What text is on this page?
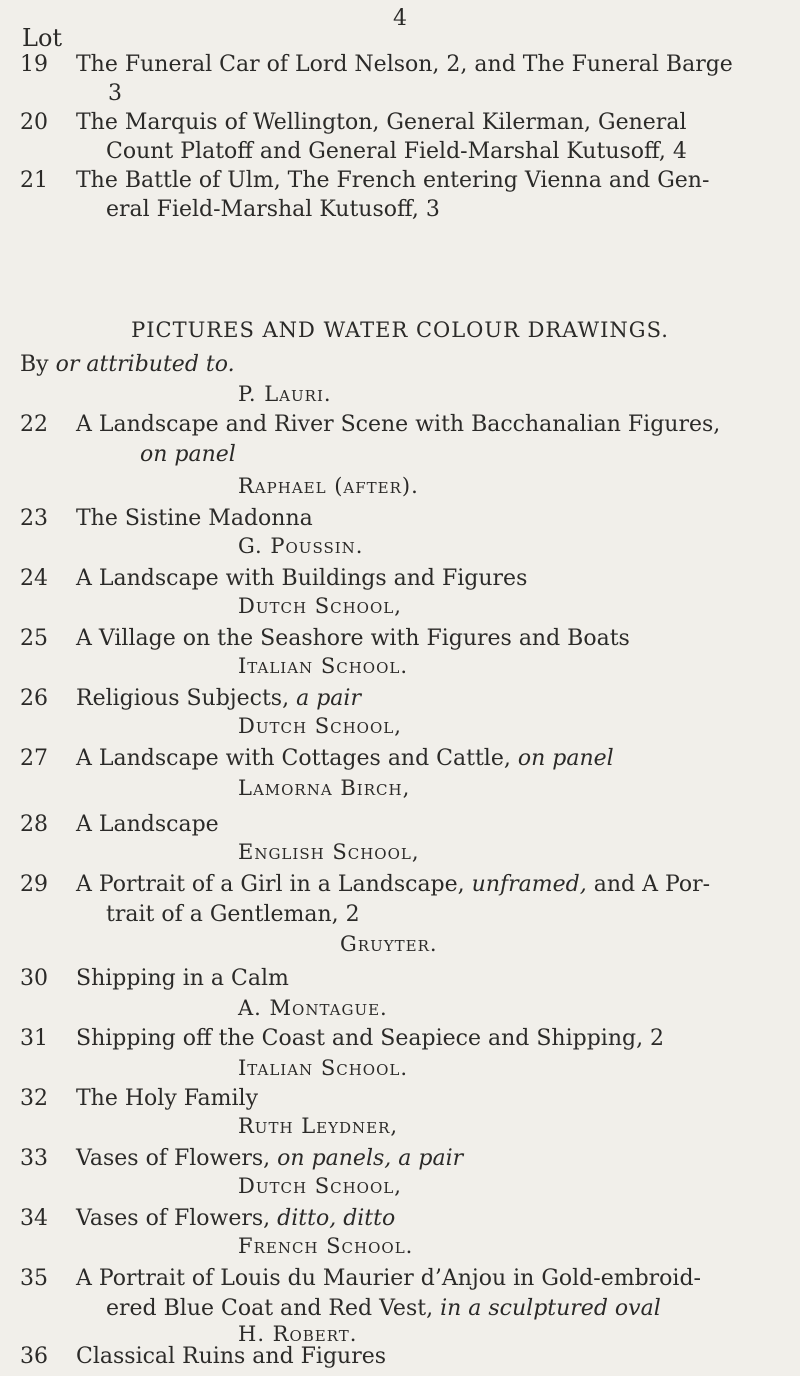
4
Lot
19	The Funeral Car of Lord Nelson, 2, and The Funeral Barge
3
20	The Marquis of Wellington, General Kilerman, General
Count Platoff and General Field-Marshal Kutusoff, 4
21	The Battle of Ulm, The French entering Vienna and Gen-
eral Field-Marshal Kutusoff, 3
PICTURES AND WATER COLOUR DRAWINGS.
By or attributed to.
P. Lauri.
22	A Landscape and River Scene with Bacchanalian Figures,
on panel
Raphael (after).
23	The Sistine Madonna
G. Poussin.
24	A Landscape with Buildings and Figures
Dutch School,
25	A Village on the Seashore with Figures and Boats
Italian School.
26	Religious Subjects, a pair
Dutch School,
27	A Landscape with Cottages and Cattle, on panel
Lamorna Birch,
28	A Landscape
English School,
29	A Portrait of a Girl in a Landscape, unframed, and A Por-
trait of a Gentleman, 2
Gruyter.
30	Shipping in a Calm
A. Montague.
31	Shipping off the Coast and Seapiece and Shipping, 2
Italian School.
32	The Holy Family
Ruth Leydner,
33	Vases of Flowers, on panels, a pair
Dutch School,
34	Vases of Flowers, ditto, ditto
French School.
35	A Portrait of Louis du Maurier d’Anjou in Gold-embroid-
ered Blue Coat and Red Vest, in a sculptured oval
H. Robert.
36	Classical Ruins and Figures
